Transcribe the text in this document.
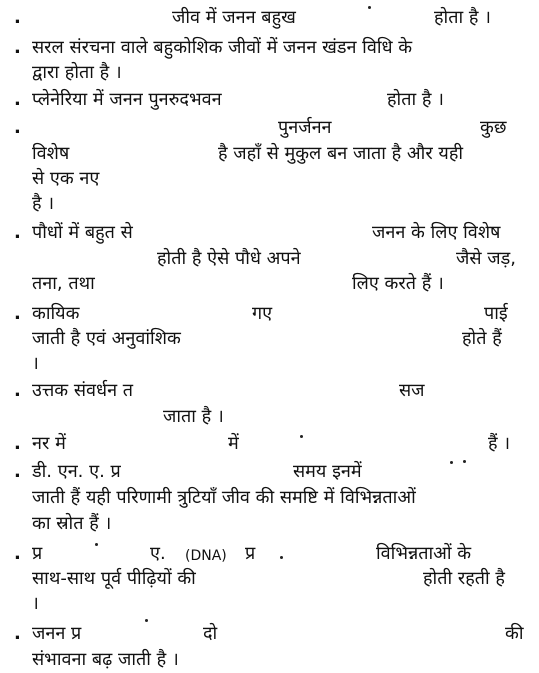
.
.
.
.
.
.
.
.
.
.
.
जीव में जनन बहुख	होता है ।
सरल संरचना वाले बहुकोशिक जीवों में जनन खंडन विधि के
द्वारा होता है ।
प्लेनेरिया में जनन पुनरुदभवन	होता है ।
पुनर्जनन	कुछ
विशेष	है जहाँ से मुकुल बन जाता है और यही
से एक नए
है ।
पौधों में बहुत से	जनन के लिए विशेष
होती है ऐसे पौधे अपने	जैसे जड़,
तना, तथा	लिए करते हैं ।
कायिक	गए	पाई
जाती है एवं अनुवांशिक	होते हैं
।
उत्तक संवर्धन त	सज
जाता है ।
नर में	में	हैं ।
डी. एन. ए. प्र	समय इनमें
जाती हैं यही परिणामी त्रुटियाँ जीव की समष्टि में विभिन्नताओं
का स्रोत हैं ।
प्र	ए. (DNA) प्र	विभिन्नताओं के
साथ-साथ पूर्व पीढ़ियों की	होती रहती है
।
जनन प्र	दो	की
संभावना बढ़ जाती है ।
